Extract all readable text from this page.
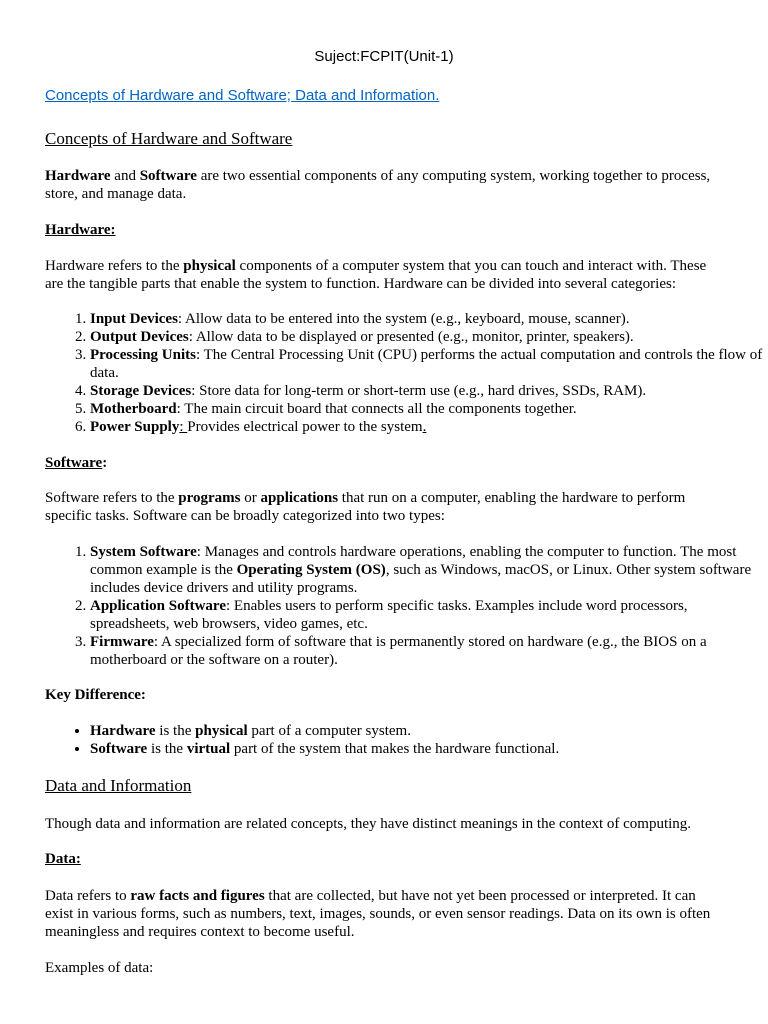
Suject:FCPIT(Unit-1)
Concepts of Hardware and Software; Data and Information.
Concepts of Hardware and Software

Hardware and Software are two essential components of any computing system, working together to process, store, and manage data.

Hardware:

Hardware refers to the physical components of a computer system that you can touch and interact with. These are the tangible parts that enable the system to function. Hardware can be divided into several categories:

1. Input Devices: Allow data to be entered into the system (e.g., keyboard, mouse, scanner).
2. Output Devices: Allow data to be displayed or presented (e.g., monitor, printer, speakers).
3. Processing Units: The Central Processing Unit (CPU) performs the actual computation and controls the flow of data.
4. Storage Devices: Store data for long-term or short-term use (e.g., hard drives, SSDs, RAM).
5. Motherboard: The main circuit board that connects all the components together.
6. Power Supply: Provides electrical power to the system.

Software:

Software refers to the programs or applications that run on a computer, enabling the hardware to perform specific tasks. Software can be broadly categorized into two types:

1. System Software: Manages and controls hardware operations, enabling the computer to function. The most common example is the Operating System (OS), such as Windows, macOS, or Linux. Other system software includes device drivers and utility programs.
2. Application Software: Enables users to perform specific tasks. Examples include word processors, spreadsheets, web browsers, video games, etc.
3. Firmware: A specialized form of software that is permanently stored on hardware (e.g., the BIOS on a motherboard or the software on a router).

Key Difference:

• Hardware is the physical part of a computer system.
• Software is the virtual part of the system that makes the hardware functional.
Data and Information

Though data and information are related concepts, they have distinct meanings in the context of computing.

Data:

Data refers to raw facts and figures that are collected, but have not yet been processed or interpreted. It can exist in various forms, such as numbers, text, images, sounds, or even sensor readings. Data on its own is often meaningless and requires context to become useful.

Examples of data:
